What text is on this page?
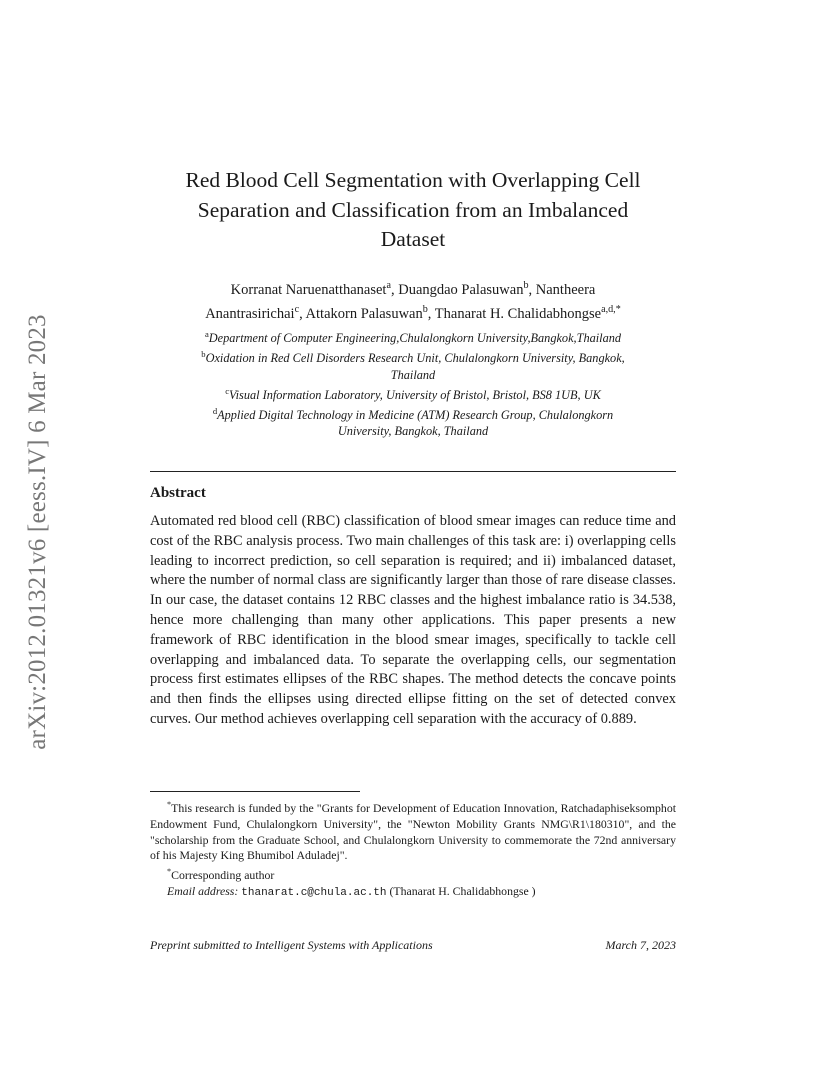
arXiv:2012.01321v6 [eess.IV] 6 Mar 2023
Red Blood Cell Segmentation with Overlapping Cell
Separation and Classification from an Imbalanced
Dataset
Korranat Naruenatthanaset$^a$, Duangdao Palasuwan$^b$, Nantheera
Anantrasirichai$^c$, Attakorn Palasuwan$^b$, Thanarat H. Chalidabhongse$^{a,d,*}$
$^a$Department of Computer Engineering,Chulalongkorn University,Bangkok,Thailand
$^b$Oxidation in Red Cell Disorders Research Unit, Chulalongkorn University, Bangkok,
Thailand
$^c$Visual Information Laboratory, University of Bristol, Bristol, BS8 1UB, UK
$^d$Applied Digital Technology in Medicine (ATM) Research Group, Chulalongkorn
University, Bangkok, Thailand
Abstract
Automated red blood cell (RBC) classification of blood smear images can reduce time and cost of the RBC analysis process. Two main challenges of this task are: i) overlapping cells leading to incorrect prediction, so cell separation is required; and ii) imbalanced dataset, where the number of normal class are significantly larger than those of rare disease classes. In our case, the dataset contains 12 RBC classes and the highest imbalance ratio is 34.538, hence more challenging than many other applications. This paper presents a new framework of RBC identification in the blood smear images, specifically to tackle cell overlapping and imbalanced data. To separate the overlapping cells, our segmentation process first estimates ellipses of the RBC shapes. The method detects the concave points and then finds the ellipses using directed ellipse fitting on the set of detected convex curves. Our method achieves overlapping cell separation with the accuracy of 0.889.

*This research is funded by the "Grants for Development of Education Innovation, Ratchadaphiseksomphot Endowment Fund, Chulalongkorn University", the "Newton Mobility Grants NMG\R1\180310", and the "scholarship from the Graduate School, and Chulalongkorn University to commemorate the 72nd anniversary of his Majesty King Bhumibol Aduladej".

*Corresponding author

Email address: thanarat.c@chula.ac.th (Thanarat H. Chalidabhongse )

Preprint submitted to Intelligent Systems with Applications	March 7, 2023
